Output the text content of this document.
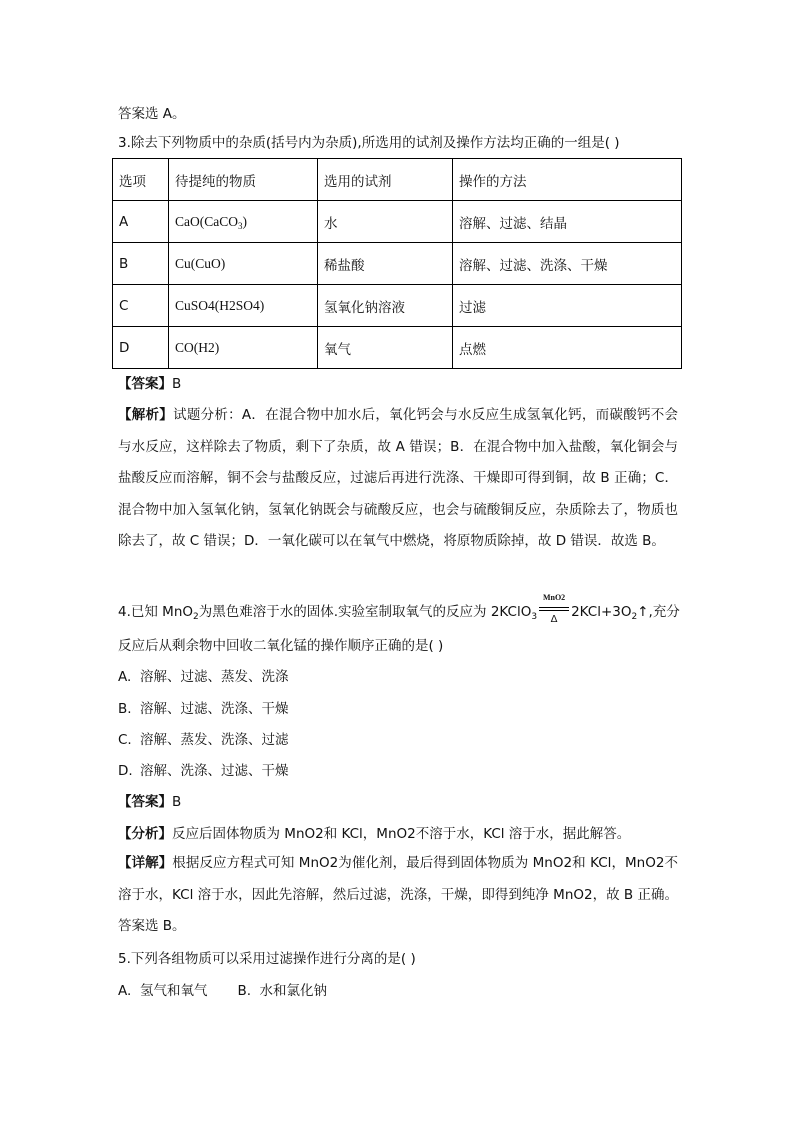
答案选 A。
3.除去下列物质中的杂质(括号内为杂质),所选用的试剂及操作方法均正确的一组是( )
选项	待提纯的物质	选用的试剂	操作的方法
A	CaO(CaCO$_3$)	水	溶解、过滤、结晶
B	Cu(CuO)	稀盐酸	溶解、过滤、洗涤、干燥
C	CuSO4(H2SO4)	氢氧化钠溶液	过滤
D	CO(H2)	氧气	点燃
【答案】B
【解析】试题分析：A．在混合物中加水后，氧化钙会与水反应生成氢氧化钙，而碳酸钙不会与水反应，这样除去了物质，剩下了杂质，故 A 错误；B．在混合物中加入盐酸，氧化铜会与盐酸反应而溶解，铜不会与盐酸反应，过滤后再进行洗涤、干燥即可得到铜，故 B 正确；C．混合物中加入氢氧化钠，氢氧化钠既会与硫酸反应，也会与硫酸铜反应，杂质除去了，物质也除去了，故 C 错误；D．一氧化碳可以在氧气中燃烧，将原物质除掉，故 D 错误．故选 B。
4.已知 MnO$_2$为黑色难溶于水的固体.实验室制取氧气的反应为 2KClO$_3$
MnO2
Δ	$2KCl+3O_2↑$,充分
反应后从剩余物中回收二氧化锰的操作顺序正确的是( )
A. 溶解、过滤、蒸发、洗涤
B. 溶解、过滤、洗涤、干燥
C. 溶解、蒸发、洗涤、过滤
D. 溶解、洗涤、过滤、干燥
【答案】B
【分析】反应后固体物质为 MnO2和 KCl，MnO2不溶于水，KCl 溶于水，据此解答。
【详解】根据反应方程式可知 MnO2为催化剂，最后得到固体物质为 MnO2和 KCl，MnO2不溶于水，KCl 溶于水，因此先溶解，然后过滤，洗涤，干燥，即得到纯净 MnO2，故 B 正确。答案选 B。
5.下列各组物质可以采用过滤操作进行分离的是( )
A. 氢气和氧气 B. 水和氯化钠
